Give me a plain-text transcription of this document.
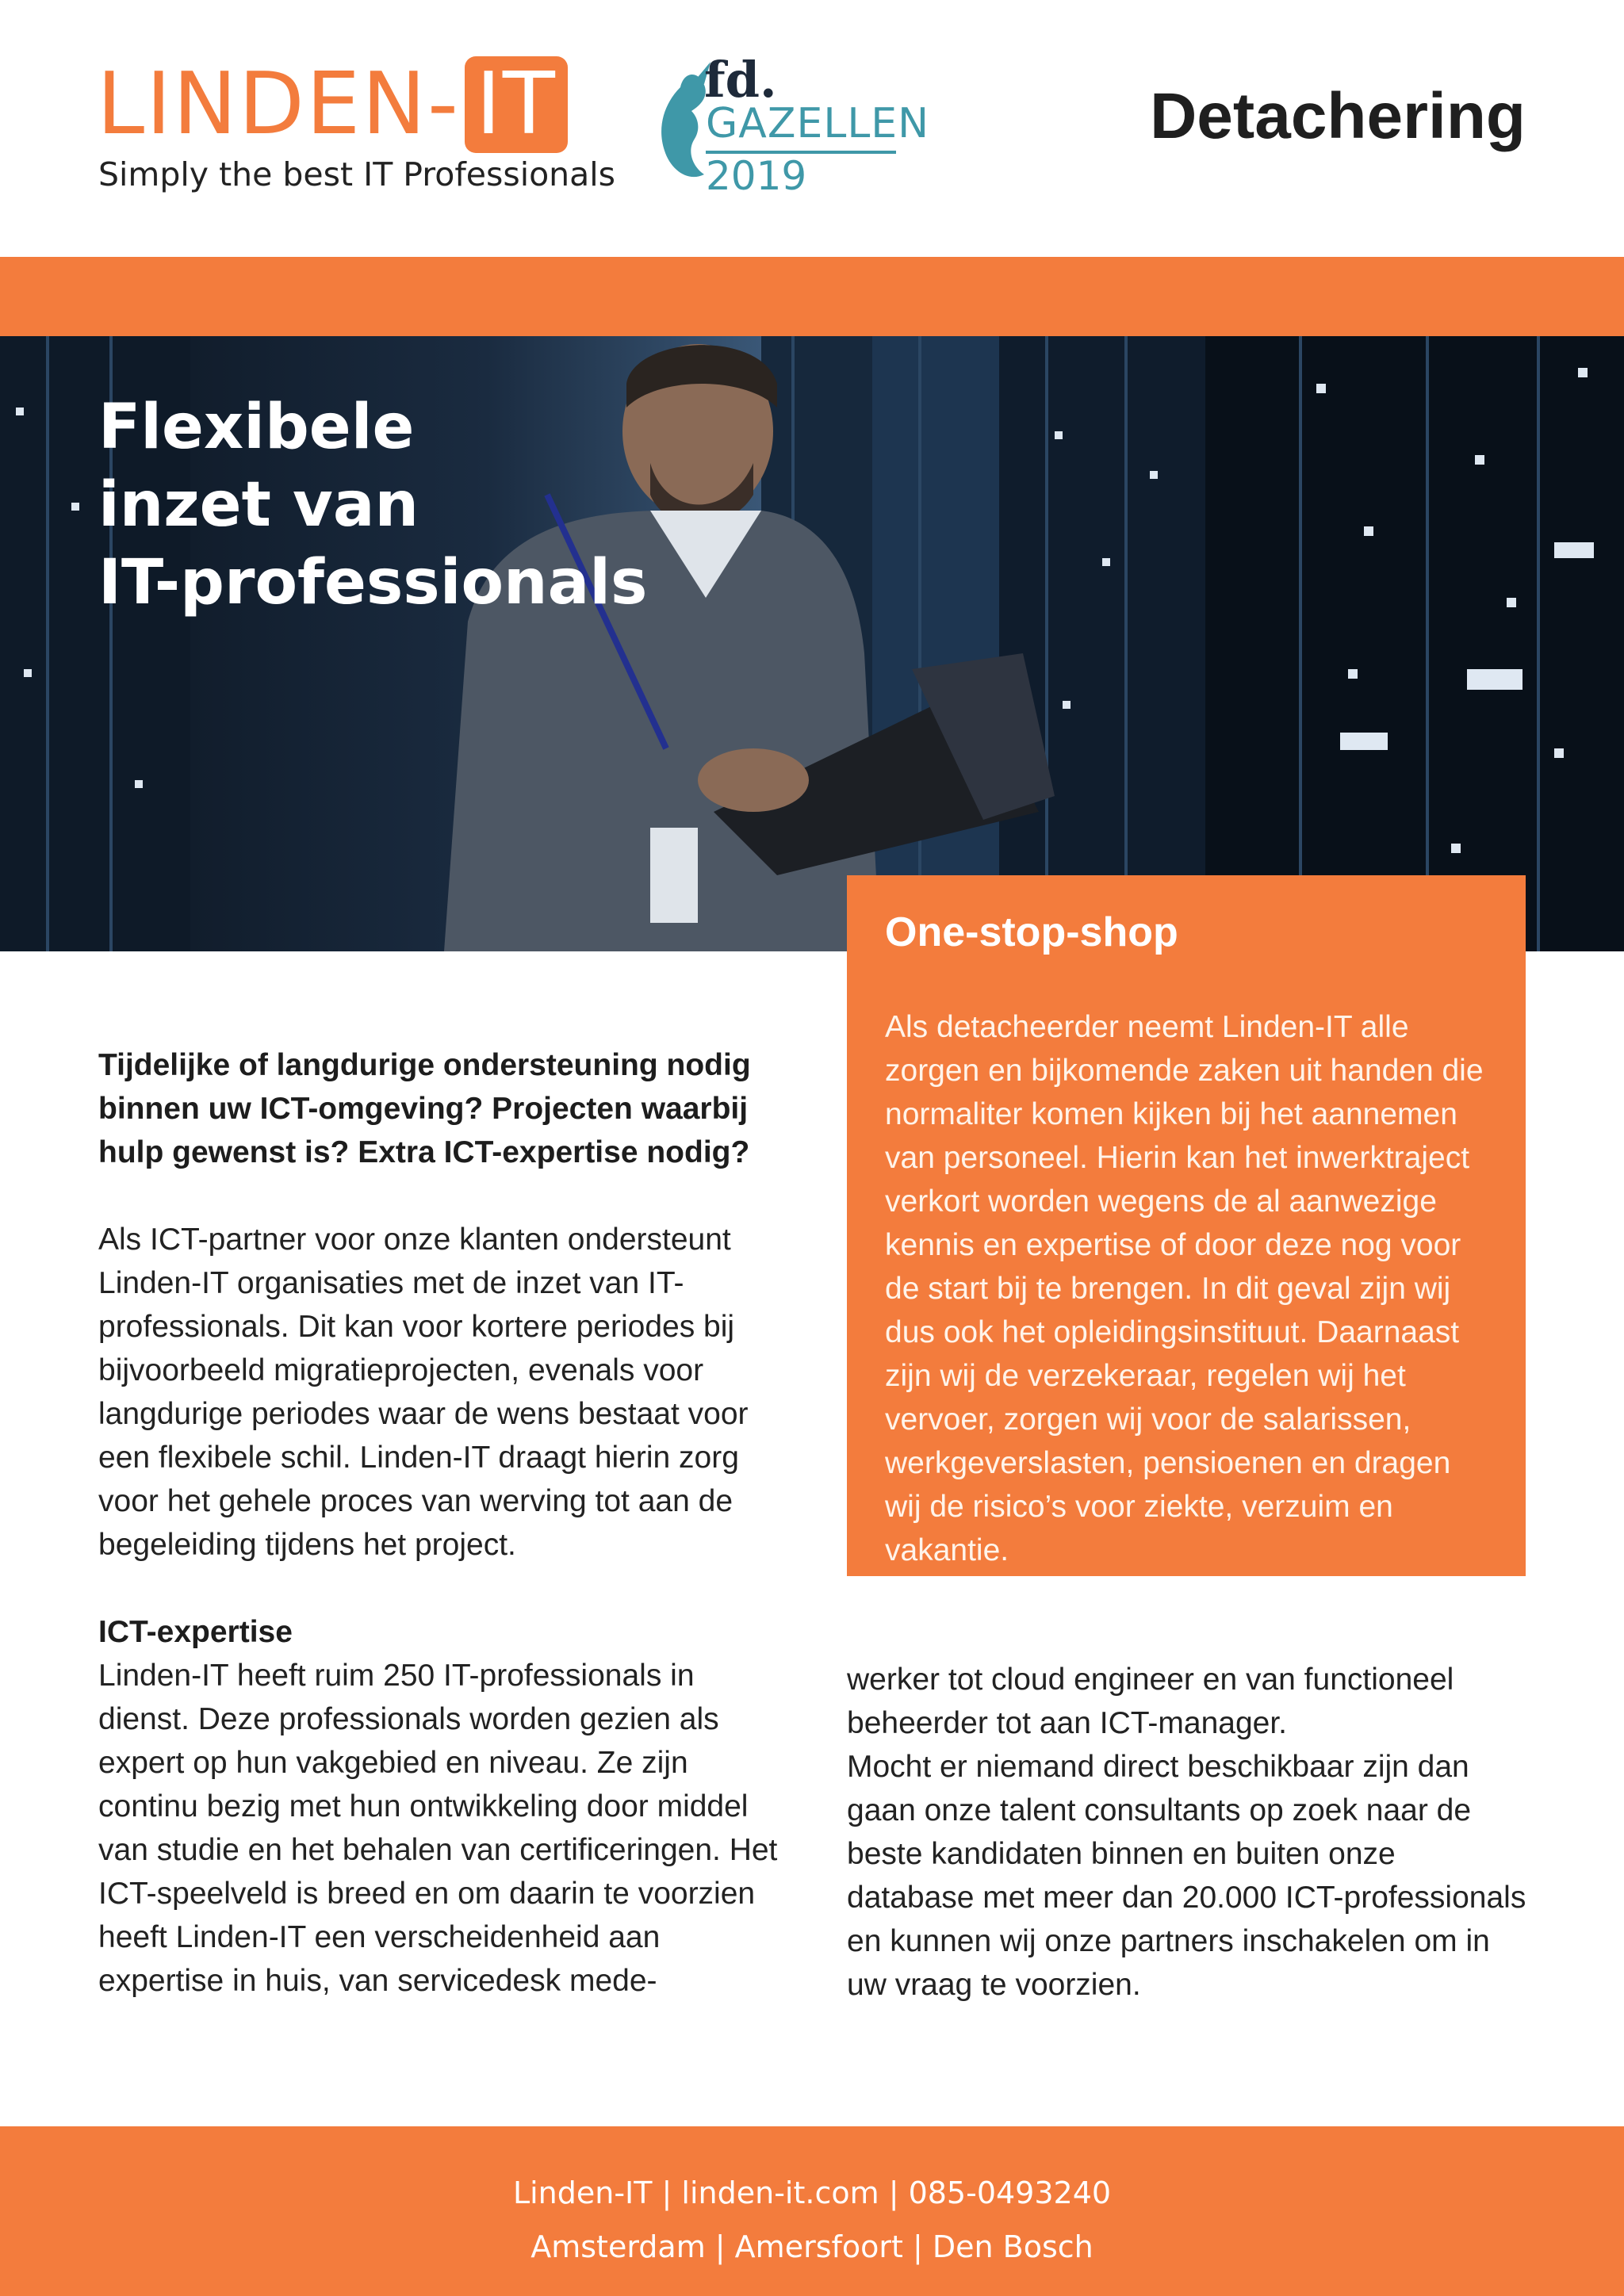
LINDEN- IT
Simply the best IT Professionals
fd.
GAZELLEN
2019
Detachering
Flexibele
inzet van
IT-professionals
One-stop-shop

Als detacheerder neemt Linden-IT alle zorgen en bijkomende zaken uit handen die normaliter komen kijken bij het aannemen van personeel. Hierin kan het inwerktraject verkort worden wegens de al aanwezige kennis en expertise of door deze nog voor de start bij te brengen. In dit geval zijn wij dus ook het opleidingsinstituut. Daarnaast zijn wij de verzekeraar, regelen wij het vervoer, zorgen wij voor de salarissen, werkgeverslasten, pensioenen en dragen wij de risico’s voor ziekte, verzuim en vakantie.

Tijdelijke of langdurige ondersteuning nodig binnen uw ICT-omgeving? Projecten waarbij hulp gewenst is? Extra ICT-expertise nodig?

Als ICT-partner voor onze klanten ondersteunt Linden-IT organisaties met de inzet van IT-professionals. Dit kan voor kortere periodes bij bijvoorbeeld migratieprojecten, evenals voor langdurige periodes waar de wens bestaat voor een flexibele schil. Linden-IT draagt hierin zorg voor het gehele proces van werving tot aan de begeleiding tijdens het project.

ICT-expertise

Linden-IT heeft ruim 250 IT-professionals in dienst. Deze professionals worden gezien als expert op hun vakgebied en niveau. Ze zijn continu bezig met hun ontwikkeling door middel van studie en het behalen van certificeringen. Het ICT-speelveld is breed en om daarin te voorzien heeft Linden-IT een verscheidenheid aan expertise in huis, van servicedesk mede-

werker tot cloud engineer en van functioneel beheerder tot aan ICT-manager.

Mocht er niemand direct beschikbaar zijn dan gaan onze talent consultants op zoek naar de beste kandidaten binnen en buiten onze database met meer dan 20.000 ICT-professionals en kunnen wij onze partners inschakelen om in uw vraag te voorzien.

Linden-IT | linden-it.com | 085-0493240
Amsterdam | Amersfoort | Den Bosch
